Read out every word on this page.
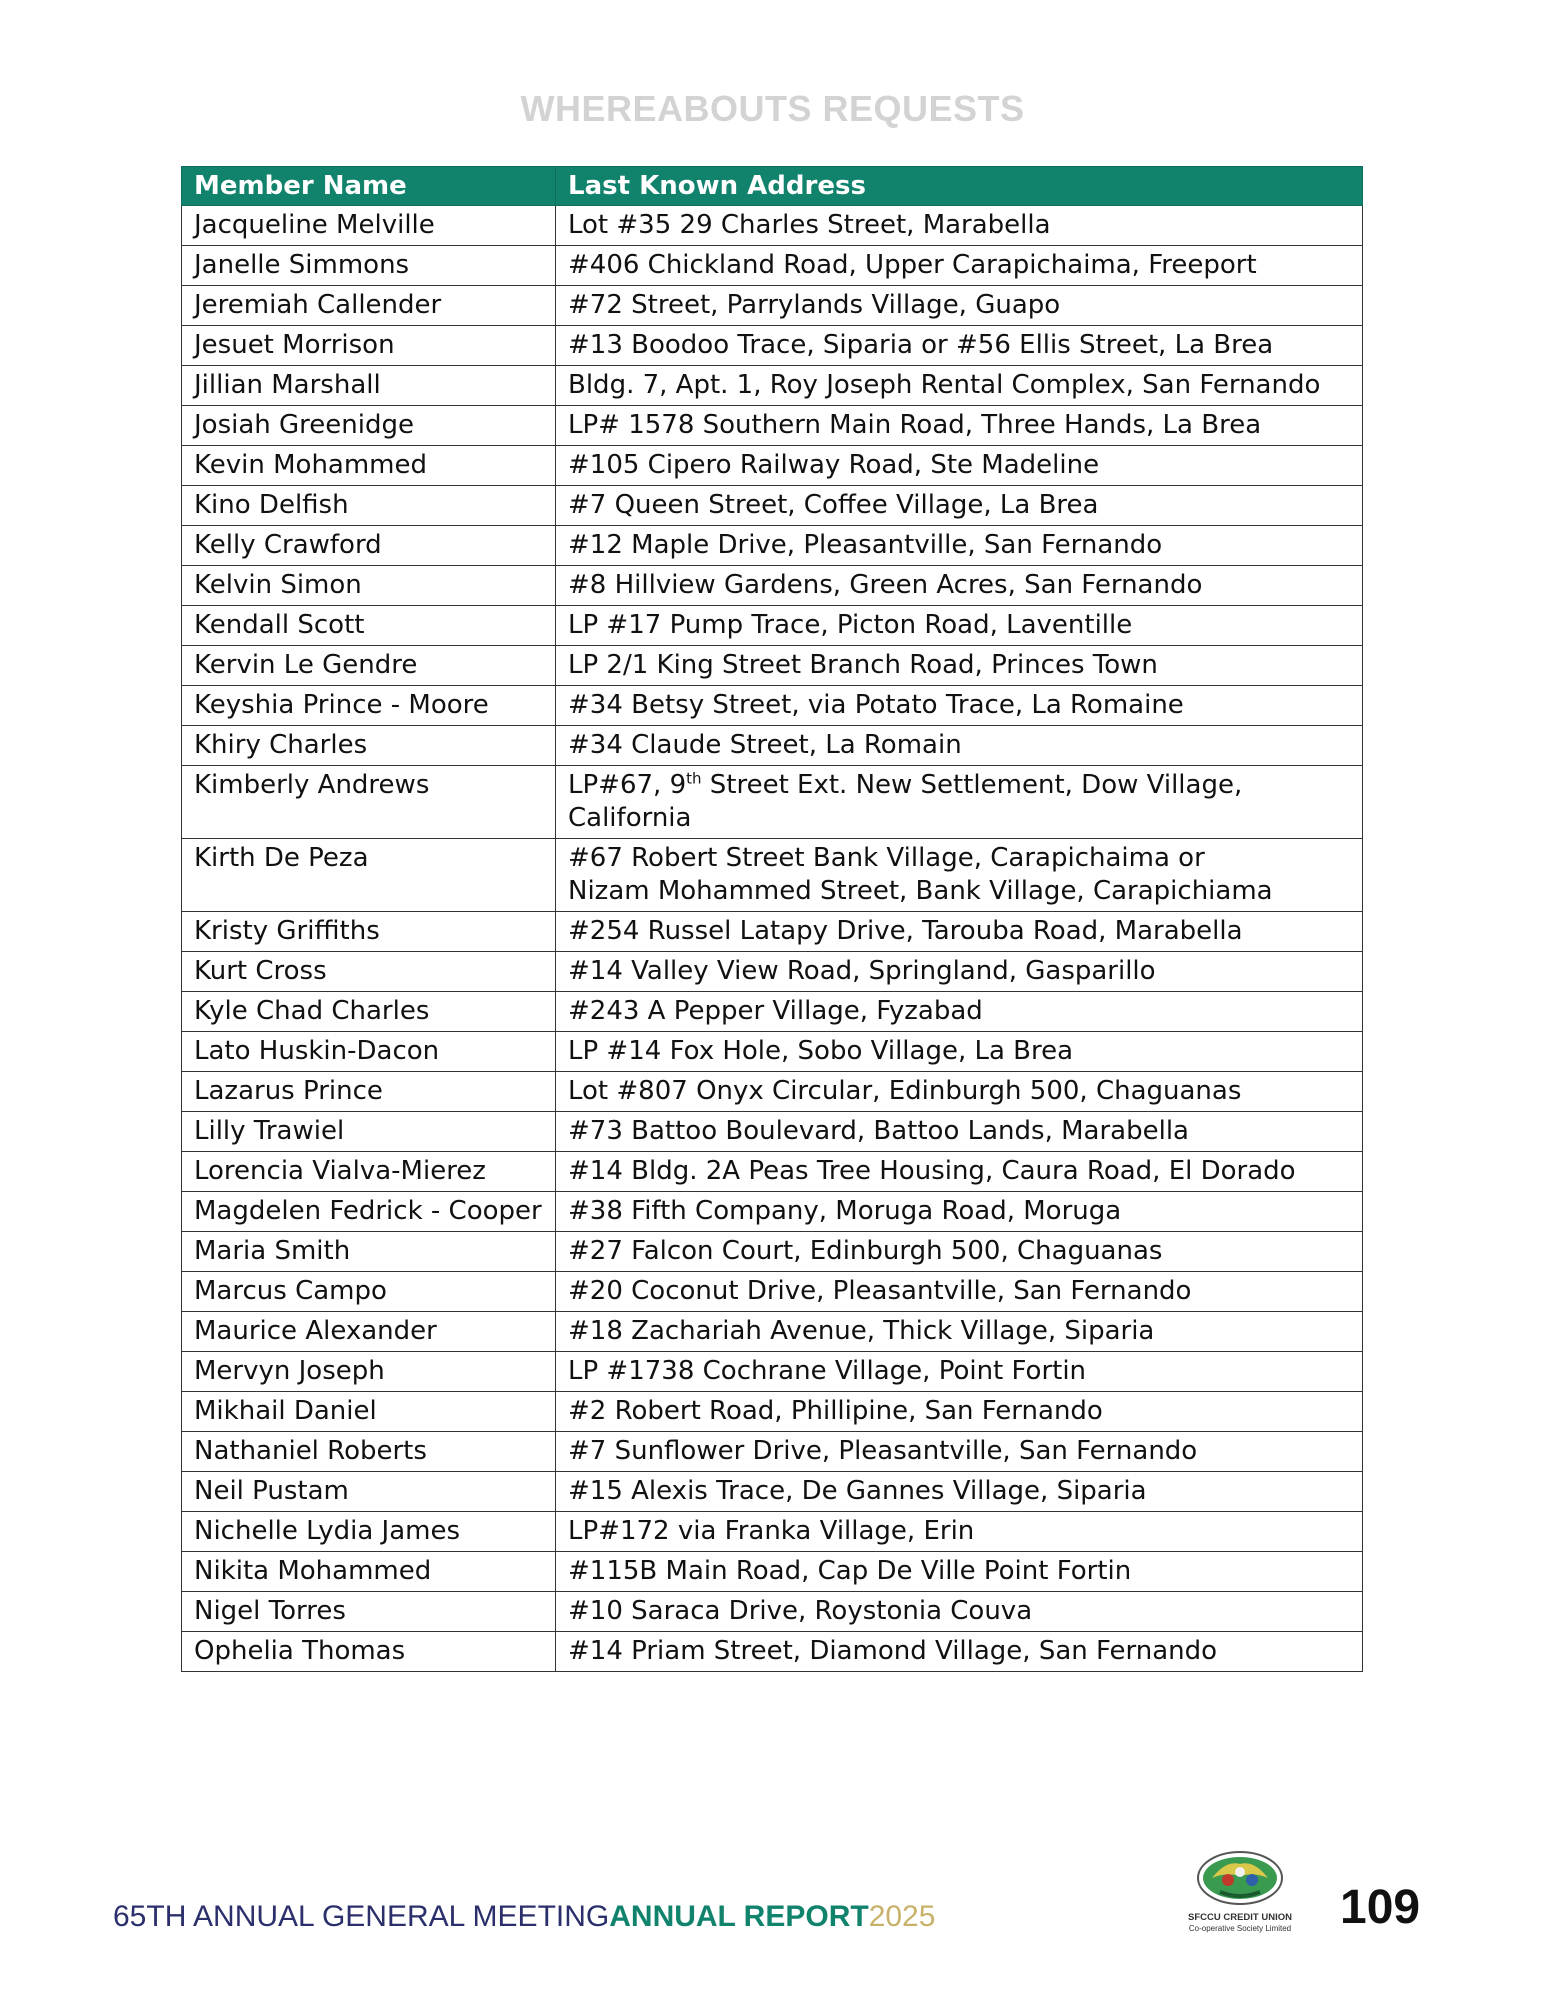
WHEREABOUTS REQUESTS
Member Name	Last Known Address
Jacqueline Melville	Lot #35 29 Charles Street, Marabella
Janelle Simmons	#406 Chickland Road, Upper Carapichaima, Freeport
Jeremiah Callender	#72 Street, Parrylands Village, Guapo
Jesuet Morrison	#13 Boodoo Trace, Siparia or #56 Ellis Street, La Brea
Jillian Marshall	Bldg. 7, Apt. 1, Roy Joseph Rental Complex, San Fernando
Josiah Greenidge	LP# 1578 Southern Main Road, Three Hands, La Brea
Kevin Mohammed	#105 Cipero Railway Road, Ste Madeline
Kino Delfish	#7 Queen Street, Coffee Village, La Brea
Kelly Crawford	#12 Maple Drive, Pleasantville, San Fernando
Kelvin Simon	#8 Hillview Gardens, Green Acres, San Fernando
Kendall Scott	LP #17 Pump Trace, Picton Road, Laventille
Kervin Le Gendre	LP 2/1 King Street Branch Road, Princes Town
Keyshia Prince - Moore	#34 Betsy Street, via Potato Trace, La Romaine
Khiry Charles	#34 Claude Street, La Romain
Kimberly Andrews	LP#67, 9th Street Ext. New Settlement, Dow Village, California
Kirth De Peza	#67 Robert Street Bank Village, Carapichaima or
Nizam Mohammed Street, Bank Village, Carapichiama

Kristy Griffiths	#254 Russel Latapy Drive, Tarouba Road, Marabella
Kurt Cross	#14 Valley View Road, Springland, Gasparillo
Kyle Chad Charles	#243 A Pepper Village, Fyzabad
Lato Huskin-Dacon	LP #14 Fox Hole, Sobo Village, La Brea
Lazarus Prince	Lot #807 Onyx Circular, Edinburgh 500, Chaguanas
Lilly Trawiel	#73 Battoo Boulevard, Battoo Lands, Marabella
Lorencia Vialva-Mierez	#14 Bldg. 2A Peas Tree Housing, Caura Road, El Dorado
Magdelen Fedrick - Cooper	#38 Fifth Company, Moruga Road, Moruga
Maria Smith	#27 Falcon Court, Edinburgh 500, Chaguanas
Marcus Campo	#20 Coconut Drive, Pleasantville, San Fernando
Maurice Alexander	#18 Zachariah Avenue, Thick Village, Siparia
Mervyn Joseph	LP #1738 Cochrane Village, Point Fortin
Mikhail Daniel	#2 Robert Road, Phillipine, San Fernando
Nathaniel Roberts	#7 Sunflower Drive, Pleasantville, San Fernando
Neil Pustam	#15 Alexis Trace, De Gannes Village, Siparia
Nichelle Lydia James	LP#172 via Franka Village, Erin
Nikita Mohammed	#115B Main Road, Cap De Ville Point Fortin
Nigel Torres	#10 Saraca Drive, Roystonia Couva
Ophelia Thomas	#14 Priam Street, Diamond Village, San Fernando
65TH ANNUAL GENERAL MEETINGANNUAL REPORT2025	SFCCU CREDIT UNION
Co-operative Society Limited	109
